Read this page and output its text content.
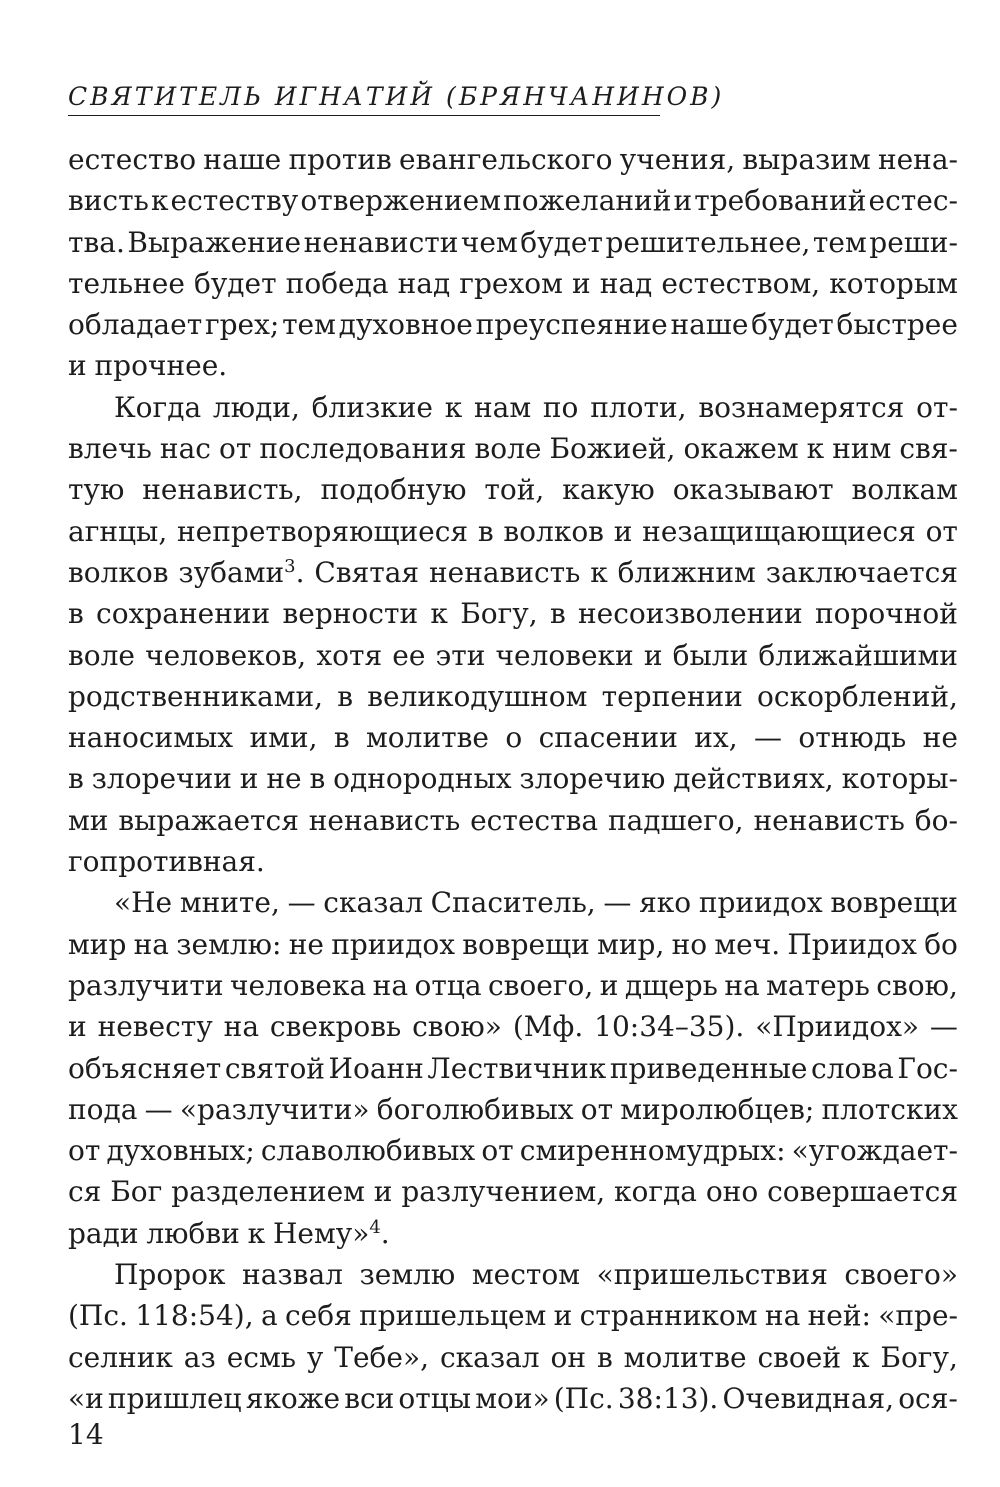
СВЯТИТЕЛЬ ИГНАТИЙ (БРЯНЧАНИНОВ)
естество наше против евангельского учения, выразим нена-
висть к естеству отвержением пожеланий и требований естес-
тва. Выражение ненависти чем будет решительнее, тем реши-
тельнее будет победа над грехом и над естеством, которым
обладает грех; тем духовное преуспеяние наше будет быстрее
и прочнее.
Когда люди, близкие к нам по плоти, вознамерятся от-
влечь нас от последования воле Божией, окажем к ним свя-
тую ненависть, подобную той, какую оказывают волкам
агнцы, непретворяющиеся в волков и незащищающиеся от
волков зубами$^3$. Святая ненависть к ближним заключается
в сохранении верности к Богу, в несоизволении порочной
воле человеков, хотя ее эти человеки и были ближайшими
родственниками, в великодушном терпении оскорблений,
наносимых ими, в молитве о спасении их, — отнюдь не
в злоречии и не в однородных злоречию действиях, которы-
ми выражается ненависть естества падшего, ненависть бо-
гопротивная.
«Не мните, — сказал Спаситель, — яко приидох воврещи
мир на землю: не приидох воврещи мир, но меч. Приидох бо
разлучити человека на отца своего, и дщерь на матерь свою,
и невесту на свекровь свою» (Мф. 10:34–35). «Приидох» —
объясняет святой Иоанн Лествичник приведенные слова Гос-
пода — «разлучити» боголюбивых от миролюбцев; плотских
от духовных; славолюбивых от смиренномудрых: «угождает-
ся Бог разделением и разлучением, когда оно совершается
ради любви к Нему»$^4$.
Пророк назвал землю местом «пришельствия своего»
(Пс. 118:54), а себя пришельцем и странником на ней: «пре-
селник аз есмь у Тебе», сказал он в молитве своей к Богу,
«и пришлец якоже вси отцы мои» (Пс. 38:13). Очевидная, ося-
14
